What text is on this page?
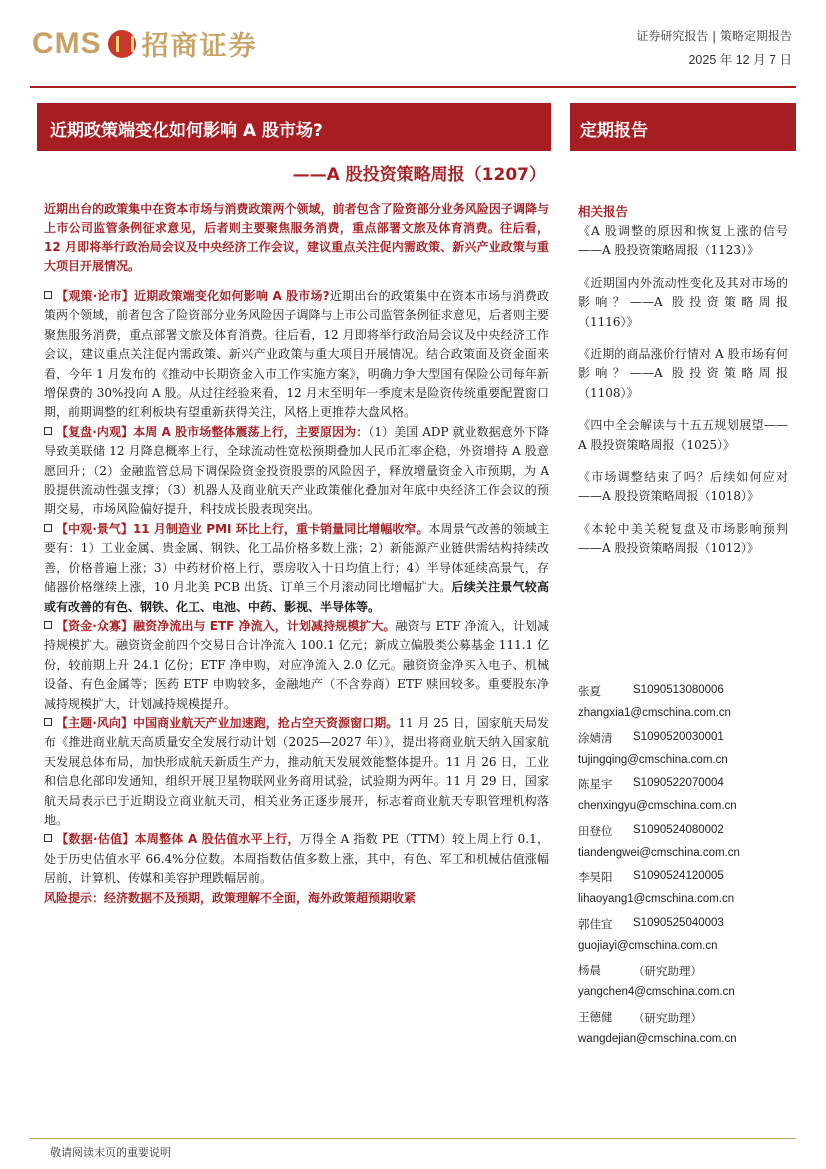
CMS 招商证券	证券研究报告 | 策略定期报告
2025 年 12 月 7 日
近期政策端变化如何影响 A 股市场?
——A 股投资策略周报（1207）
定期报告
近期出台的政策集中在资本市场与消费政策两个领域，前者包含了险资部分业务风险因子调降与上市公司监管条例征求意见，后者则主要聚焦服务消费，重点部署文旅及体育消费。往后看，12 月即将举行政治局会议及中央经济工作会议，建议重点关注促内需政策、新兴产业政策与重大项目开展情况。

【观策·论市】近期政策端变化如何影响 A 股市场?近期出台的政策集中在资本市场与消费政策两个领域，前者包含了险资部分业务风险因子调降与上市公司监管条例征求意见，后者则主要聚焦服务消费，重点部署文旅及体育消费。往后看，12 月即将举行政治局会议及中央经济工作会议，建议重点关注促内需政策、新兴产业政策与重大项目开展情况。结合政策面及资金面来看，今年 1 月发布的《推动中长期资金入市工作实施方案》，明确力争大型国有保险公司每年新增保费的 30%投向 A 股。从过往经验来看，12 月末至明年一季度末是险资传统重要配置窗口期，前期调整的红利板块有望重新获得关注，风格上更推荐大盘风格。

【复盘·内观】本周 A 股市场整体震荡上行，主要原因为：（1）美国 ADP 就业数据意外下降导致美联储 12 月降息概率上行，全球流动性宽松预期叠加人民币汇率企稳，外资增持 A 股意愿回升；（2）金融监管总局下调保险资金投资股票的风险因子，释放增量资金入市预期，为 A 股提供流动性强支撑；（3）机器人及商业航天产业政策催化叠加对年底中央经济工作会议的预期交易，市场风险偏好提升，科技成长股表现突出。

【中观·景气】11 月制造业 PMI 环比上行，重卡销量同比增幅收窄。本周景气改善的领域主要有：1）工业金属、贵金属、钢铁、化工品价格多数上涨；2）新能源产业链供需结构持续改善，价格普遍上涨；3）中药材价格上行，票房收入十日均值上行；4）半导体延续高景气，存储器价格继续上涨，10 月北美 PCB 出货、订单三个月滚动同比增幅扩大。后续关注景气较高或有改善的有色、钢铁、化工、电池、中药、影视、半导体等。

【资金·众寡】融资净流出与 ETF 净流入，计划减持规模扩大。融资与 ETF 净流入，计划减持规模扩大。融资资金前四个交易日合计净流入 100.1 亿元；新成立偏股类公募基金 111.1 亿份，较前期上升 24.1 亿份；ETF 净申购，对应净流入 2.0 亿元。融资资金净买入电子、机械设备、有色金属等；医药 ETF 申购较多，金融地产（不含券商）ETF 赎回较多。重要股东净减持规模扩大，计划减持规模提升。

【主题·风向】中国商业航天产业加速跑，抢占空天资源窗口期。11 月 25 日，国家航天局发布《推进商业航天高质量安全发展行动计划（2025—2027 年）》，提出将商业航天纳入国家航天发展总体布局，加快形成航天新质生产力，推动航天发展效能整体提升。11 月 26 日，工业和信息化部印发通知，组织开展卫星物联网业务商用试验，试验期为两年。11 月 29 日，国家航天局表示已于近期设立商业航天司，相关业务正逐步展开，标志着商业航天专职管理机构落地。

【数据·估值】本周整体 A 股估值水平上行，万得全 A 指数 PE（TTM）较上周上行 0.1，处于历史估值水平 66.4%分位数。本周指数估值多数上涨，其中，有色、军工和机械估值涨幅居前，计算机、传媒和美容护理跌幅居前。

风险提示：经济数据不及预期，政策理解不全面，海外政策超预期收紧

相关报告
《A 股调整的原因和恢复上涨的信号——A 股投资策略周报（1123）》
《近期国内外流动性变化及其对市场的影响？——A 股投资策略周报（1116）》
《近期的商品涨价行情对 A 股市场有何影响？——A 股投资策略周报（1108）》
《四中全会解读与十五五规划展望——A 股投资策略周报（1025）》
《市场调整结束了吗？后续如何应对——A 股投资策略周报（1018）》
《本轮中美关税复盘及市场影响预判——A 股投资策略周报（1012）》
张夏	S1090513080006
zhangxia1@cmschina.com.cn
涂婧清 S1090520030001
tujingqing@cmschina.com.cn
陈星宇 S1090522070004
chenxingyu@cmschina.com.cn
田登位 S1090524080002
tiandengwei@cmschina.com.cn
李昊阳 S1090524120005
lihaoyang1@cmschina.com.cn
郭佳宜 S1090525040003
guojiayi@cmschina.com.cn
杨晨	（研究助理）
yangchen4@cmschina.com.cn
王德健 （研究助理）
wangdejian@cmschina.com.cn
敬请阅读末页的重要说明
